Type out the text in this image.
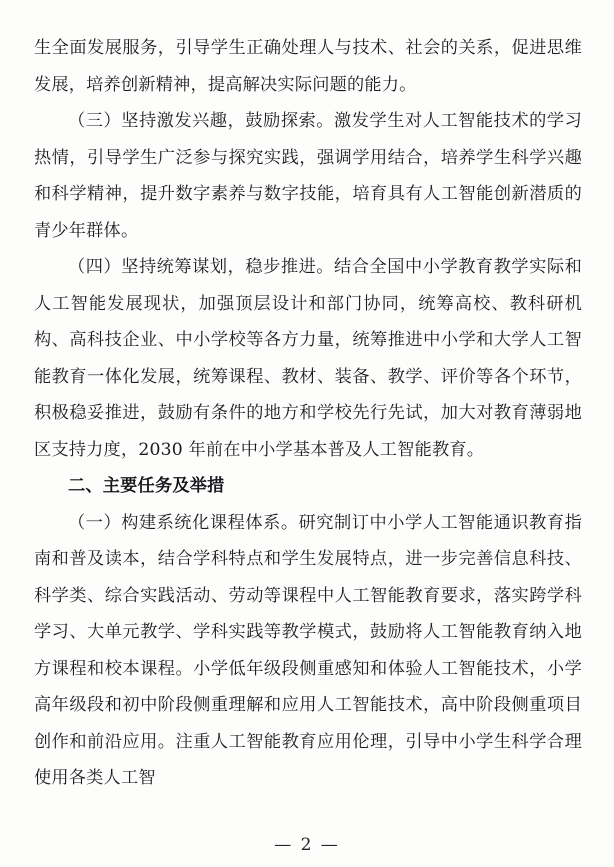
生全面发展服务，引导学生正确处理人与技术、社会的关系，促进思维发展，培养创新精神，提高解决实际问题的能力。

（三）坚持激发兴趣，鼓励探索。激发学生对人工智能技术的学习热情，引导学生广泛参与探究实践，强调学用结合，培养学生科学兴趣和科学精神，提升数字素养与数字技能，培育具有人工智能创新潜质的青少年群体。

（四）坚持统筹谋划，稳步推进。结合全国中小学教育教学实际和人工智能发展现状，加强顶层设计和部门协同，统筹高校、教科研机构、高科技企业、中小学校等各方力量，统筹推进中小学和大学人工智能教育一体化发展，统筹课程、教材、装备、教学、评价等各个环节，积极稳妥推进，鼓励有条件的地方和学校先行先试，加大对教育薄弱地区支持力度，2030 年前在中小学基本普及人工智能教育。

二、主要任务及举措

（一）构建系统化课程体系。研究制订中小学人工智能通识教育指南和普及读本，结合学科特点和学生发展特点，进一步完善信息科技、科学类、综合实践活动、劳动等课程中人工智能教育要求，落实跨学科学习、大单元教学、学科实践等教学模式，鼓励将人工智能教育纳入地方课程和校本课程。小学低年级段侧重感知和体验人工智能技术，小学高年级段和初中阶段侧重理解和应用人工智能技术，高中阶段侧重项目创作和前沿应用。注重人工智能教育应用伦理，引导中小学生科学合理使用各类人工智

— 2 —
